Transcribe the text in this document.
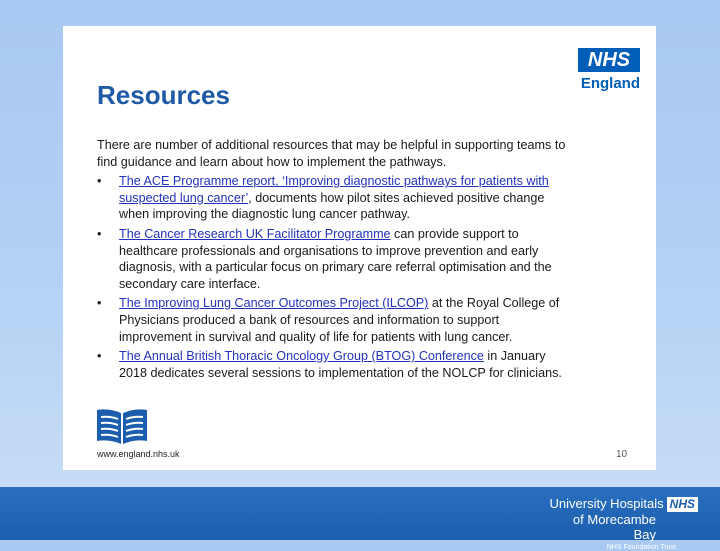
Resources
NHS
England
There are number of additional resources that may be helpful in supporting teams to
find guidance and learn about how to implement the pathways.
•	The ACE Programme report, ‘Improving diagnostic pathways for patients with
suspected lung cancer’, documents how pilot sites achieved positive change
when improving the diagnostic lung cancer pathway.
•	The Cancer Research UK Facilitator Programme can provide support to
healthcare professionals and organisations to improve prevention and early
diagnosis, with a particular focus on primary care referral optimisation and the
secondary care interface.
•	The Improving Lung Cancer Outcomes Project (ILCOP) at the Royal College of
Physicians produced a bank of resources and information to support
improvement in survival and quality of life for patients with lung cancer.
•	The Annual British Thoracic Oncology Group (BTOG) Conference in January
2018 dedicates several sessions to implementation of the NOLCP for clinicians.
www.england.nhs.uk	10
University Hospitals NHS
of Morecambe Bay
NHS Foundation Trust
